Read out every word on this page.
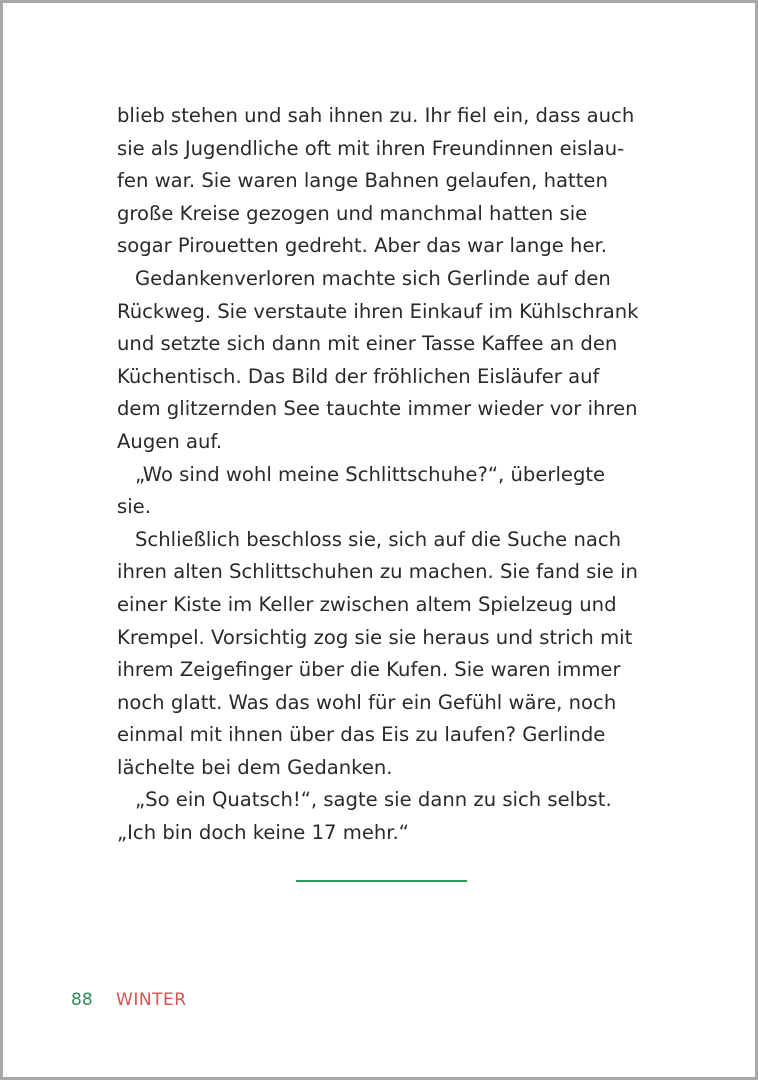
blieb stehen und sah ihnen zu. Ihr fiel ein, dass auch
sie als Jugendliche oft mit ihren Freundinnen eislau-
fen war. Sie waren lange Bahnen gelaufen, hatten
große Kreise gezogen und manchmal hatten sie
sogar Pirouetten gedreht. Aber das war lange her.
Gedankenverloren machte sich Gerlinde auf den
Rückweg. Sie verstaute ihren Einkauf im Kühlschrank
und setzte sich dann mit einer Tasse Kaffee an den
Küchentisch. Das Bild der fröhlichen Eisläufer auf
dem glitzernden See tauchte immer wieder vor ihren
Augen auf.
„Wo sind wohl meine Schlittschuhe?“, überlegte
sie.
Schließlich beschloss sie, sich auf die Suche nach
ihren alten Schlittschuhen zu machen. Sie fand sie in
einer Kiste im Keller zwischen altem Spielzeug und
Krempel. Vorsichtig zog sie sie heraus und strich mit
ihrem Zeigefinger über die Kufen. Sie waren immer
noch glatt. Was das wohl für ein Gefühl wäre, noch
einmal mit ihnen über das Eis zu laufen? Gerlinde
lächelte bei dem Gedanken.
„So ein Quatsch!“, sagte sie dann zu sich selbst.
„Ich bin doch keine 17 mehr.“
88 WINTER
